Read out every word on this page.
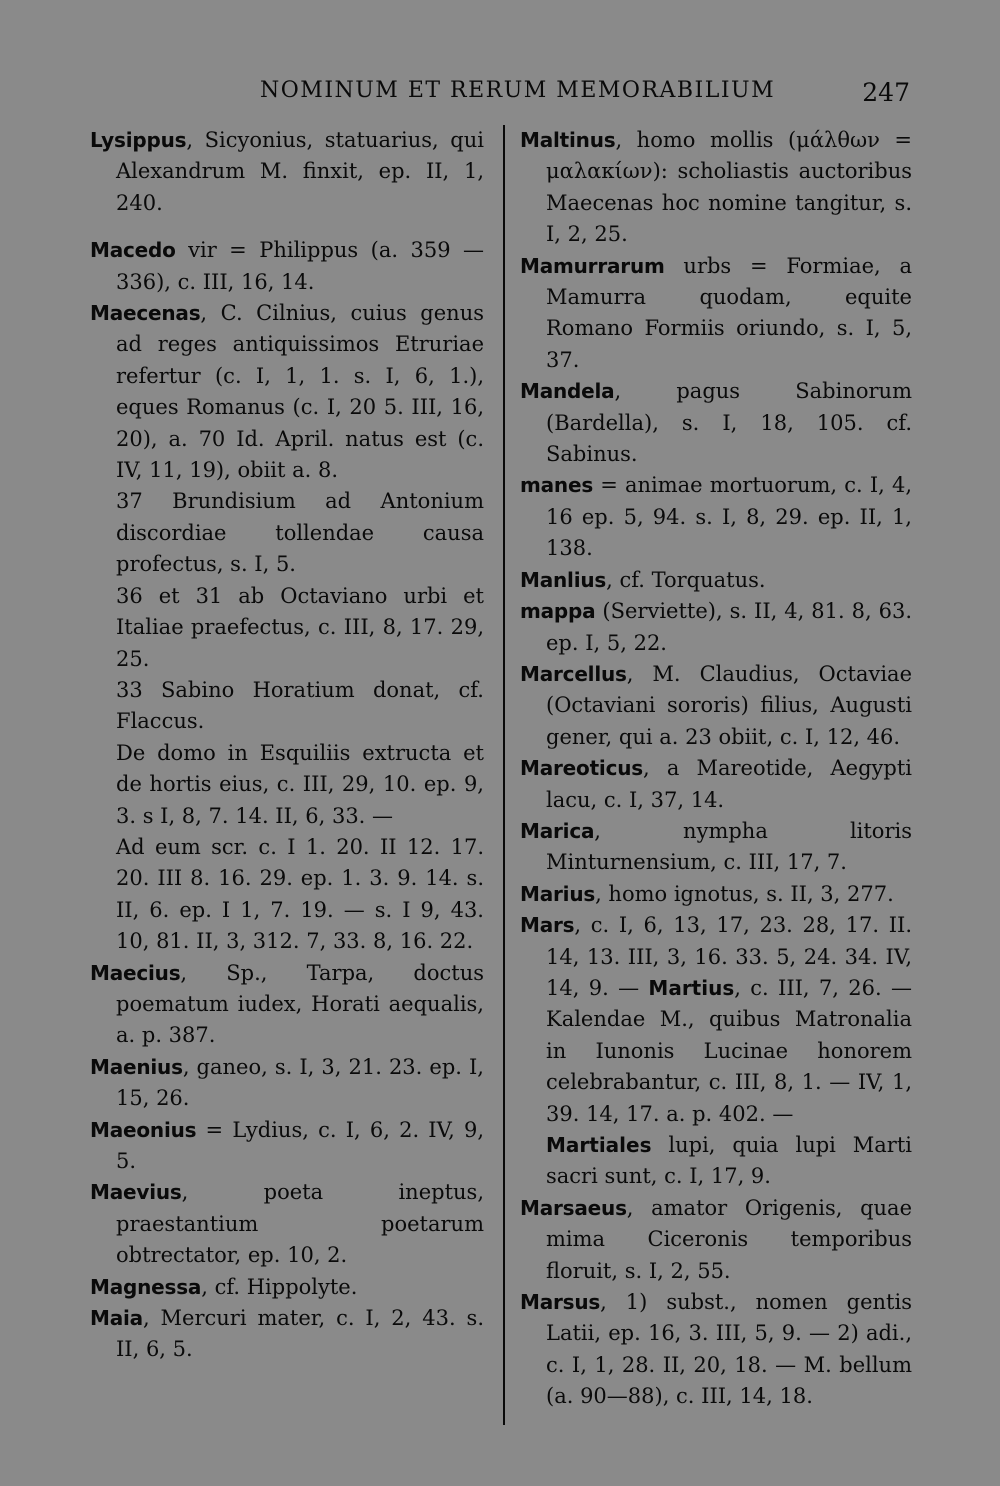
NOMINUM ET RERUM MEMORABILIUM	247

Lysippus, Sicyonius, statuarius, qui Alexandrum M. finxit, ep. II, 1, 240.

Macedo vir = Philippus (a. 359 — 336), c. III, 16, 14.

Maecenas, C. Cilnius, cuius genus ad reges antiquissimos Etruriae refertur (c. I, 1, 1. s. I, 6, 1.), eques Romanus (c. I, 20 5. III, 16, 20), a. 70 Id. April. natus est (c. IV, 11, 19), obiit a. 8.

37 Brundisium ad Antonium discordiae tollendae causa profectus, s. I, 5.

36 et 31 ab Octaviano urbi et Italiae praefectus, c. III, 8, 17. 29, 25.

33 Sabino Horatium donat, cf. Flaccus.

De domo in Esquiliis extructa et de hortis eius, c. III, 29, 10. ep. 9, 3. s I, 8, 7. 14. II, 6, 33. —

Ad eum scr. c. I 1. 20. II 12. 17. 20. III 8. 16. 29. ep. 1. 3. 9. 14. s. II, 6. ep. I 1, 7. 19. — s. I 9, 43. 10, 81. II, 3, 312. 7, 33. 8, 16. 22.

Maecius, Sp., Tarpa, doctus poematum iudex, Horati aequalis, a. p. 387.

Maenius, ganeo, s. I, 3, 21. 23. ep. I, 15, 26.

Maeonius = Lydius, c. I, 6, 2. IV, 9, 5.

Maevius, poeta ineptus, praestantium poetarum obtrectator, ep. 10, 2.

Magnessa, cf. Hippolyte.

Maia, Mercuri mater, c. I, 2, 43. s. II, 6, 5.

Maltinus, homo mollis (μάλθων = μαλακίων): scholiastis auctoribus Maecenas hoc nomine tangitur, s. I, 2, 25.

Mamurrarum urbs = Formiae, a Mamurra quodam, equite Romano Formiis oriundo, s. I, 5, 37.

Mandela, pagus Sabinorum (Bardella), s. I, 18, 105. cf. Sabinus.

manes = animae mortuorum, c. I, 4, 16 ep. 5, 94. s. I, 8, 29. ep. II, 1, 138.

Manlius, cf. Torquatus.

mappa (Serviette), s. II, 4, 81. 8, 63. ep. I, 5, 22.

Marcellus, M. Claudius, Octaviae (Octaviani sororis) filius, Augusti gener, qui a. 23 obiit, c. I, 12, 46.

Mareoticus, a Mareotide, Aegypti lacu, c. I, 37, 14.

Marica, nympha litoris Minturnensium, c. III, 17, 7.

Marius, homo ignotus, s. II, 3, 277.

Mars, c. I, 6, 13, 17, 23. 28, 17. II. 14, 13. III, 3, 16. 33. 5, 24. 34. IV, 14, 9. — Martius, c. III, 7, 26. — Kalendae M., quibus Matronalia in Iunonis Lucinae honorem celebrabantur, c. III, 8, 1. — IV, 1, 39. 14, 17. a. p. 402. —

Martiales lupi, quia lupi Marti sacri sunt, c. I, 17, 9.

Marsaeus, amator Origenis, quae mima Ciceronis temporibus floruit, s. I, 2, 55.

Marsus, 1) subst., nomen gentis Latii, ep. 16, 3. III, 5, 9. — 2) adi., c. I, 1, 28. II, 20, 18. — M. bellum (a. 90—88), c. III, 14, 18.
